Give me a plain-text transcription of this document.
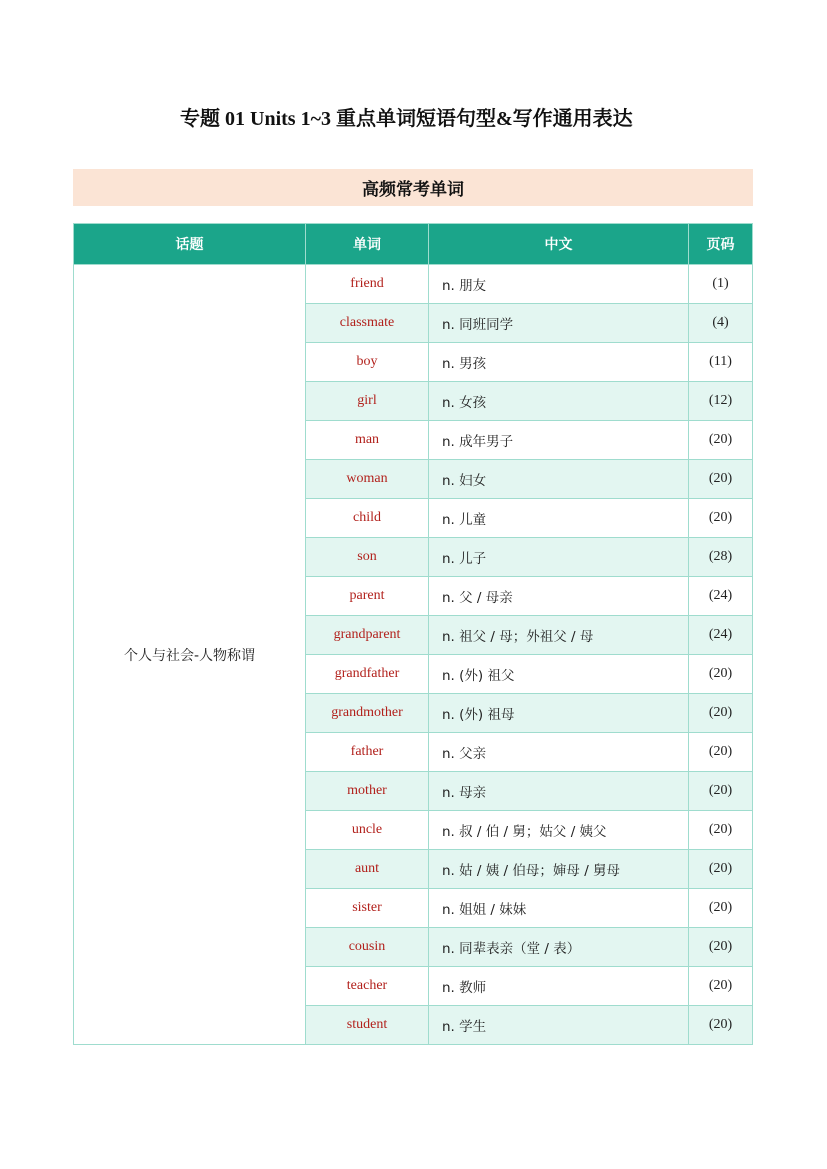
专题 01 Units 1~3 重点单词短语句型&写作通用表达
高频常考单词
话题	单词	中文	页码
个人与社会-人物称谓	friend	n. 朋友	(1)
	classmate	n. 同班同学	(4)
	boy	n. 男孩	(11)
	girl	n. 女孩	(12)
	man	n. 成年男子	(20)
	woman	n. 妇女	(20)
	child	n. 儿童	(20)
	son	n. 儿子	(28)
	parent	n. 父 / 母亲	(24)
	grandparent	n. 祖父 / 母；外祖父 / 母	(24)
	grandfather	n. (外) 祖父	(20)
	grandmother	n. (外) 祖母	(20)
	father	n. 父亲	(20)
	mother	n. 母亲	(20)
	uncle	n. 叔 / 伯 / 舅；姑父 / 姨父	(20)
	aunt	n. 姑 / 姨 / 伯母；婶母 / 舅母	(20)
	sister	n. 姐姐 / 妹妹	(20)
	cousin	n. 同辈表亲（堂 / 表）	(20)
	teacher	n. 教师	(20)
	student	n. 学生	(20)
